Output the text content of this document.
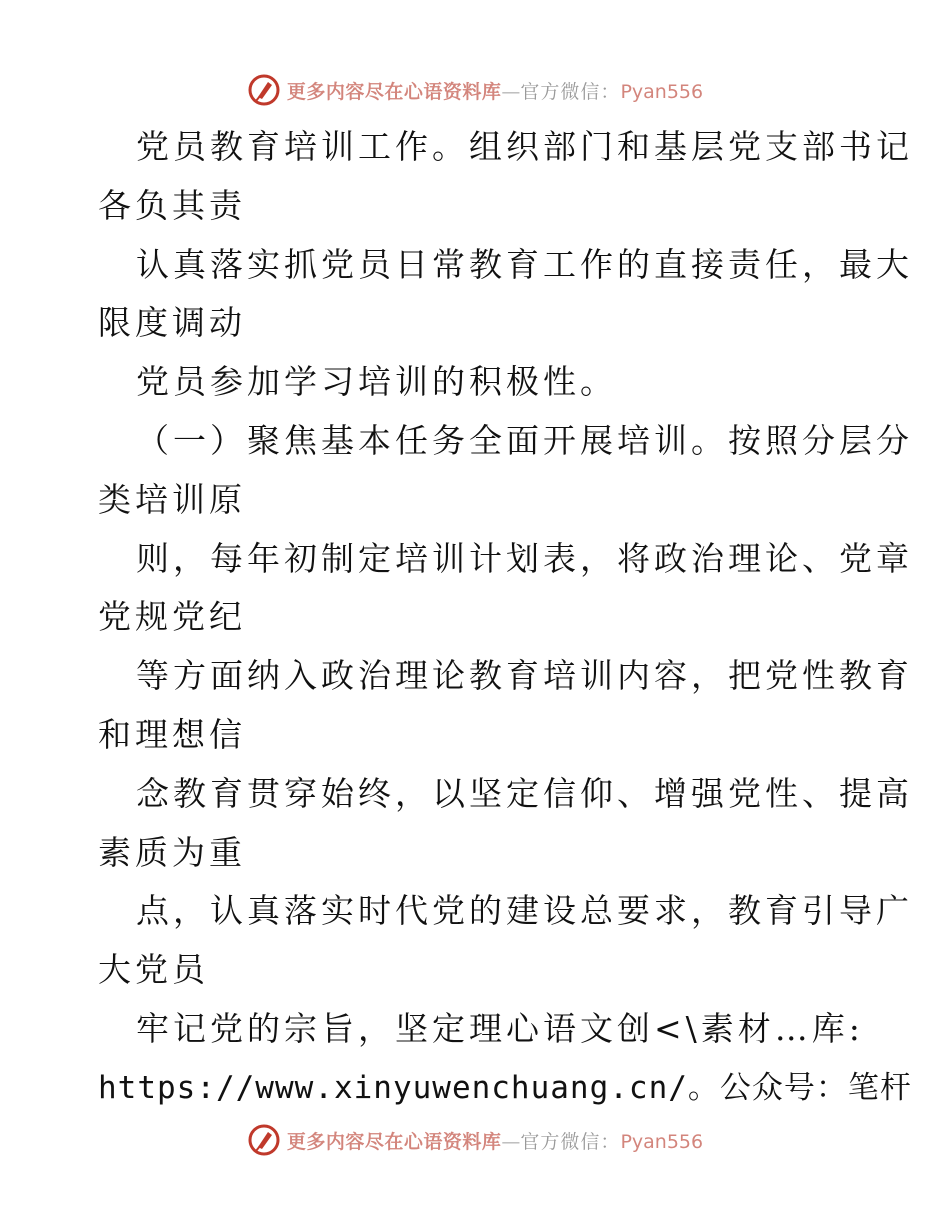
更多内容尽在心语资料库—官方微信：Pyan556
党员教育培训工作。组织部门和基层党支部书记
各负其责
认真落实抓党员日常教育工作的直接责任，最大
限度调动
党员参加学习培训的积极性。
（一）聚焦基本任务全面开展培训。按照分层分
类培训原
则，每年初制定培训计划表，将政治理论、党章
党规党纪
等方面纳入政治理论教育培训内容，把党性教育
和理想信
念教育贯穿始终，以坚定信仰、增强党性、提高
素质为重
点，认真落实时代党的建设总要求，教育引导广
大党员
牢记党的宗旨，坚定理心语文创<\素材…库:
https://www.xinyuwenchuang.cn/。公众号：笔杆
更多内容尽在心语资料库—官方微信：Pyan556
